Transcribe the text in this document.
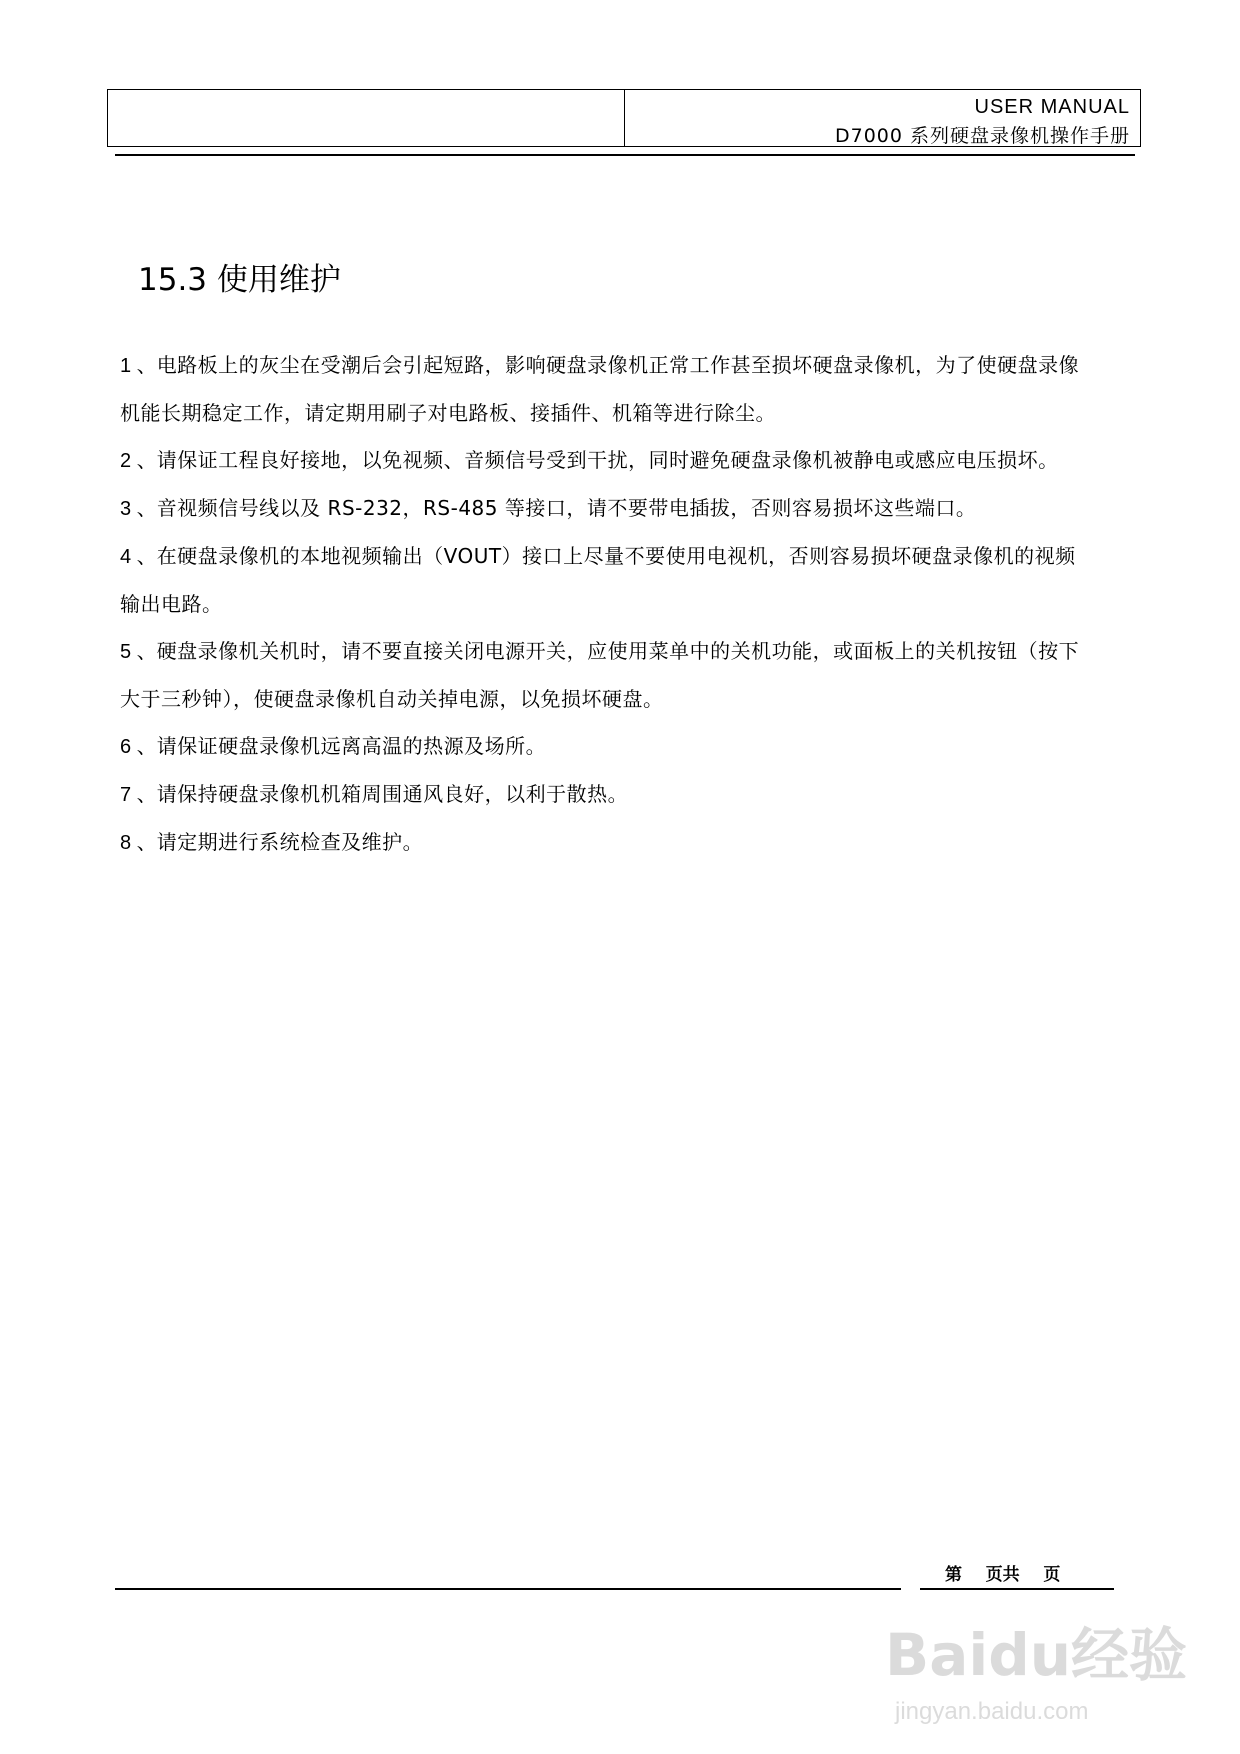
USER MANUAL
D7000 系列硬盘录像机操作手册
15.3 使用维护
1 、电路板上的灰尘在受潮后会引起短路，影响硬盘录像机正常工作甚至损坏硬盘录像机，为了使硬盘录像机能长期稳定工作，请定期用刷子对电路板、接插件、机箱等进行除尘。
2 、请保证工程良好接地，以免视频、音频信号受到干扰，同时避免硬盘录像机被静电或感应电压损坏。
3 、音视频信号线以及 RS-232，RS-485 等接口，请不要带电插拔，否则容易损坏这些端口。
4 、在硬盘录像机的本地视频输出（VOUT）接口上尽量不要使用电视机，否则容易损坏硬盘录像机的视频输出电路。
5 、硬盘录像机关机时，请不要直接关闭电源开关，应使用菜单中的关机功能，或面板上的关机按钮（按下大于三秒钟），使硬盘录像机自动关掉电源，以免损坏硬盘。
6 、请保证硬盘录像机远离高温的热源及场所。
7 、请保持硬盘录像机机箱周围通风良好，以利于散热。
8 、请定期进行系统检查及维护。
第    页共    页
Baidu经验
jingyan.baidu.com
